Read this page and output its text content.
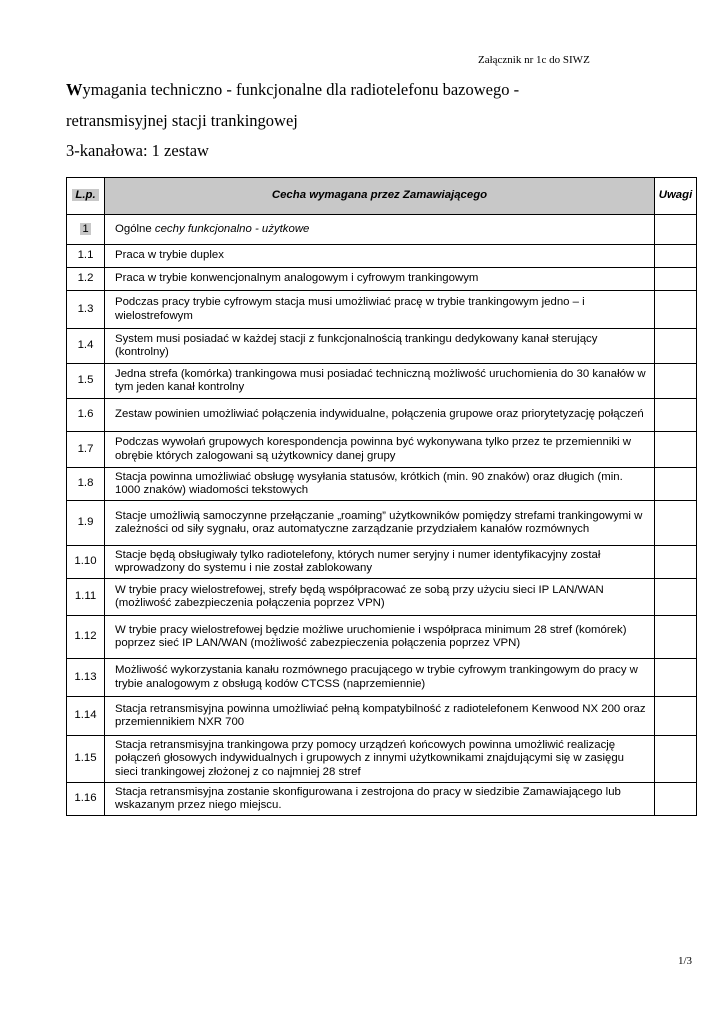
Załącznik nr 1c do SIWZ
Wymagania techniczno - funkcjonalne dla radiotelefonu bazowego -
retransmisyjnej stacji trankingowej
3-kanałowa: 1 zestaw
L.p.	Cecha wymagana przez Zamawiającego	Uwagi
1	Ogólne cechy funkcjonalno - użytkowe	
1.1	Praca w trybie duplex	
1.2	Praca w trybie konwencjonalnym analogowym i cyfrowym trankingowym	
1.3	Podczas pracy trybie cyfrowym stacja musi umożliwiać pracę w trybie trankingowym jedno – i wielostrefowym	
1.4	System musi posiadać w każdej stacji z funkcjonalnością trankingu dedykowany kanał sterujący (kontrolny)	
1.5	Jedna strefa (komórka) trankingowa musi posiadać techniczną możliwość uruchomienia do 30 kanałów w tym jeden kanał kontrolny	
1.6	Zestaw powinien umożliwiać połączenia indywidualne, połączenia grupowe oraz priorytetyzację połączeń	
1.7	Podczas wywołań grupowych korespondencja powinna być wykonywana tylko przez te przemienniki w obrębie których zalogowani są użytkownicy danej grupy	
1.8	Stacja powinna umożliwiać obsługę wysyłania statusów, krótkich (min. 90 znaków) oraz długich (min. 1000 znaków) wiadomości tekstowych	
1.9	Stacje umożliwią samoczynne przełączanie „roaming” użytkowników pomiędzy strefami trankingowymi w zależności od siły sygnału, oraz automatyczne zarządzanie przydziałem kanałów rozmównych	
1.10	Stacje będą obsługiwały tylko radiotelefony, których numer seryjny i numer identyfikacyjny został wprowadzony do systemu i nie został zablokowany	
1.11	W trybie pracy wielostrefowej, strefy będą współpracować ze sobą przy użyciu sieci IP LAN/WAN (możliwość zabezpieczenia połączenia poprzez VPN)	
1.12	W trybie pracy wielostrefowej będzie możliwe uruchomienie i współpraca minimum 28 stref (komórek) poprzez sieć IP LAN/WAN (możliwość zabezpieczenia połączenia poprzez VPN)	
1.13	Możliwość wykorzystania kanału rozmównego pracującego w trybie cyfrowym trankingowym do pracy w trybie analogowym z obsługą kodów CTCSS (naprzemiennie)	
1.14	Stacja retransmisyjna powinna umożliwiać pełną kompatybilność z radiotelefonem Kenwood NX 200 oraz przemiennikiem NXR 700	
1.15	Stacja retransmisyjna trankingowa przy pomocy urządzeń końcowych powinna umożliwić realizację połączeń głosowych indywidualnych i grupowych z innymi użytkownikami znajdującymi się w zasięgu sieci trankingowej złożonej z co najmniej 28 stref	
1.16	Stacja retransmisyjna zostanie skonfigurowana i zestrojona do pracy w siedzibie Zamawiającego lub wskazanym przez niego miejscu.	
1/3
